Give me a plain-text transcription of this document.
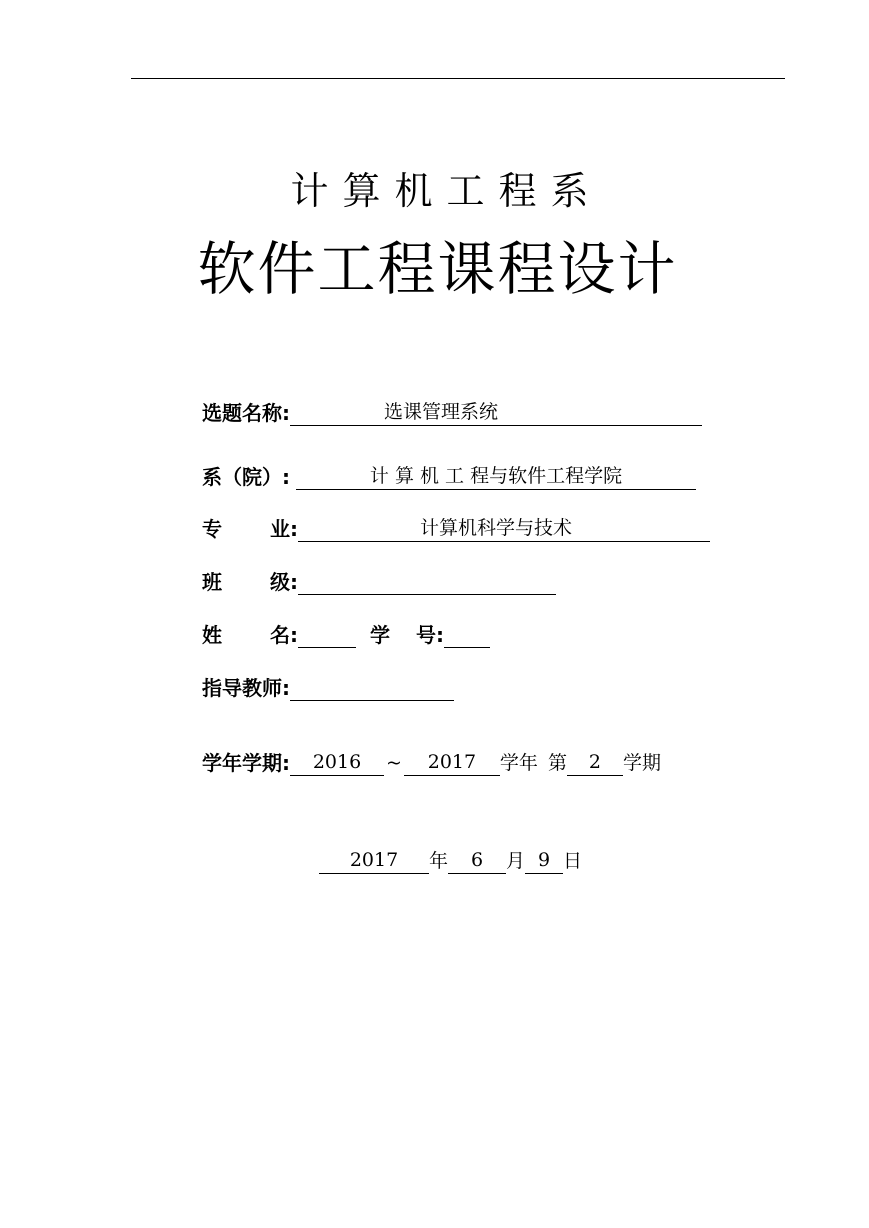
计算机工程系
软件工程课程设计
选题名称:	选课管理系统
系（院）:	计 算 机 工 程与软件工程学院
专 业:	计算机科学与技术
班 级:
姓 名:	学 号:
指导教师:
学年学期:	2016	~	2017	学年 第	2	学期
2017	年	6	月 9 日
